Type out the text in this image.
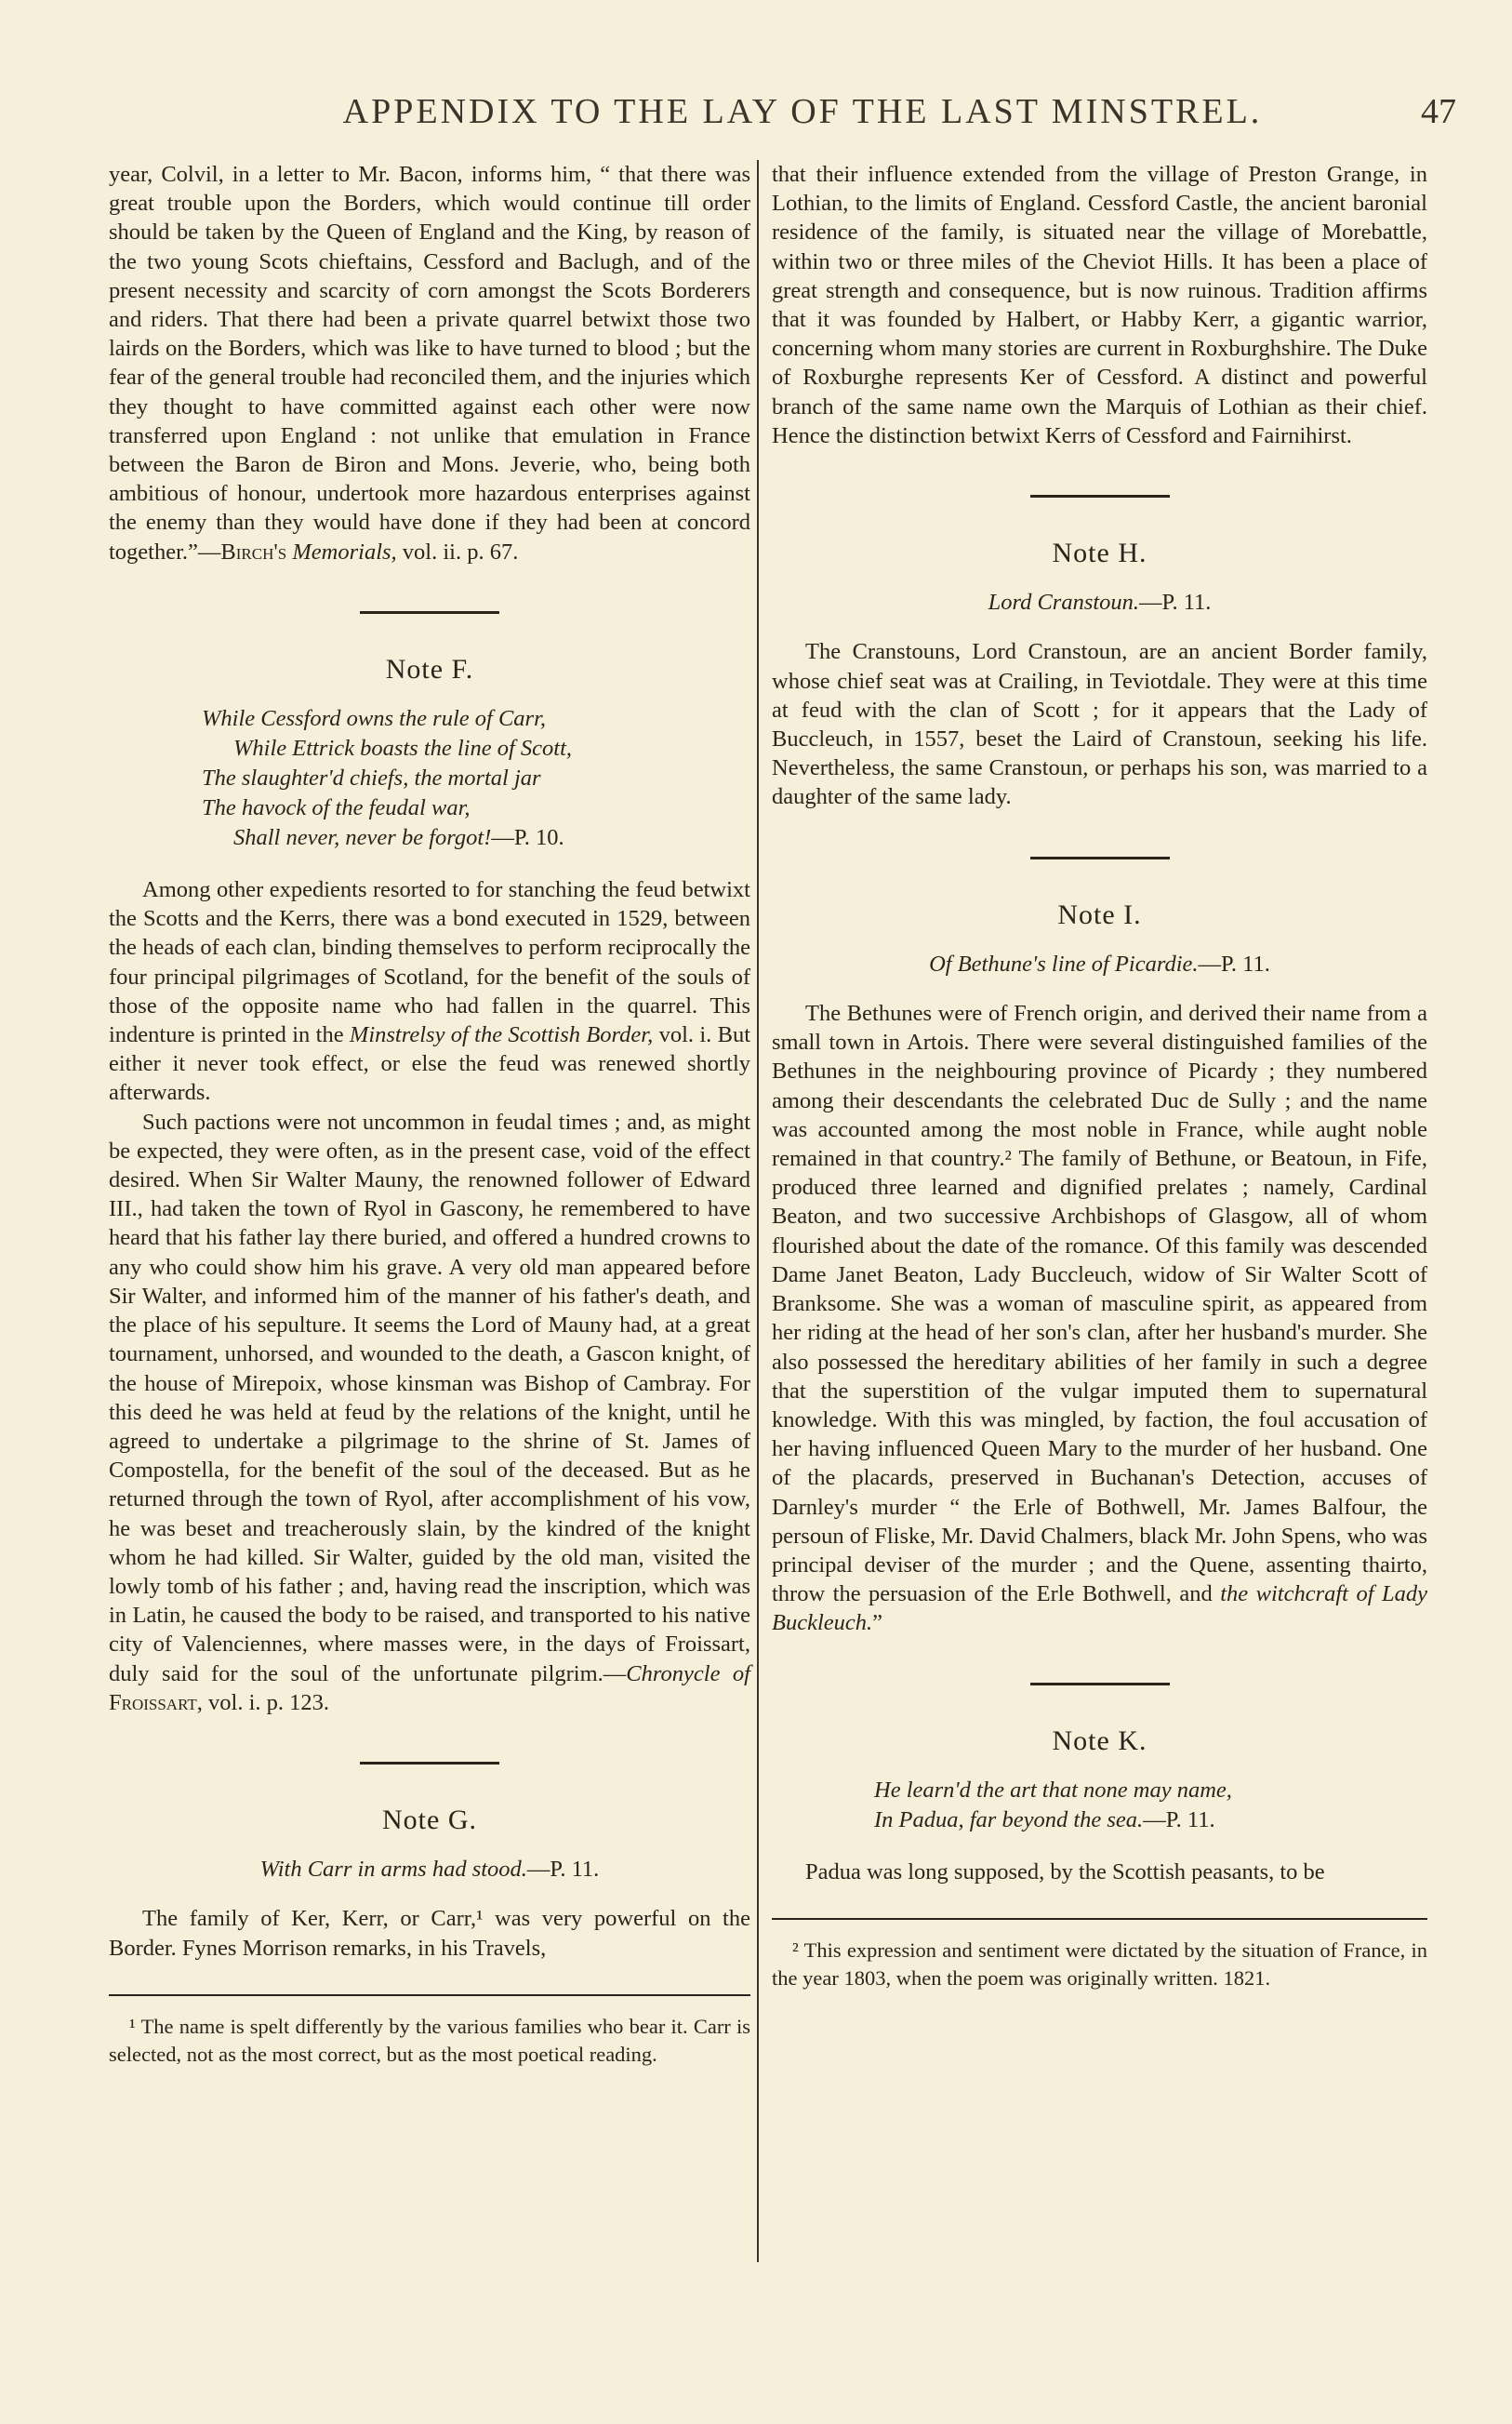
APPENDIX TO THE LAY OF THE LAST MINSTREL.	47

year, Colvil, in a letter to Mr. Bacon, informs him, “ that there was great trouble upon the Borders, which would continue till order should be taken by the Queen of England and the King, by reason of the two young Scots chieftains, Cessford and Baclugh, and of the present necessity and scarcity of corn amongst the Scots Borderers and riders. That there had been a private quarrel betwixt those two lairds on the Borders, which was like to have turned to blood ; but the fear of the general trouble had reconciled them, and the injuries which they thought to have committed against each other were now transferred upon England : not unlike that emulation in France between the Baron de Biron and Mons. Jeverie, who, being both ambitious of honour, undertook more hazardous enterprises against the enemy than they would have done if they had been at concord together.”—Birch's Memorials, vol. ii. p. 67.

Note F.
While Cessford owns the rule of Carr,
While Ettrick boasts the line of Scott,
The slaughter'd chiefs, the mortal jar
The havock of the feudal war,
Shall never, never be forgot!—P. 10.

Among other expedients resorted to for stanching the feud betwixt the Scotts and the Kerrs, there was a bond executed in 1529, between the heads of each clan, binding themselves to perform reciprocally the four principal pilgrimages of Scotland, for the benefit of the souls of those of the opposite name who had fallen in the quarrel. This indenture is printed in the Minstrelsy of the Scottish Border, vol. i. But either it never took effect, or else the feud was renewed shortly afterwards.

Such pactions were not uncommon in feudal times ; and, as might be expected, they were often, as in the present case, void of the effect desired. When Sir Walter Mauny, the renowned follower of Edward III., had taken the town of Ryol in Gascony, he remembered to have heard that his father lay there buried, and offered a hundred crowns to any who could show him his grave. A very old man appeared before Sir Walter, and informed him of the manner of his father's death, and the place of his sepulture. It seems the Lord of Mauny had, at a great tournament, unhorsed, and wounded to the death, a Gascon knight, of the house of Mirepoix, whose kinsman was Bishop of Cambray. For this deed he was held at feud by the relations of the knight, until he agreed to undertake a pilgrimage to the shrine of St. James of Compostella, for the benefit of the soul of the deceased. But as he returned through the town of Ryol, after accomplishment of his vow, he was beset and treacherously slain, by the kindred of the knight whom he had killed. Sir Walter, guided by the old man, visited the lowly tomb of his father ; and, having read the inscription, which was in Latin, he caused the body to be raised, and transported to his native city of Valenciennes, where masses were, in the days of Froissart, duly said for the soul of the unfortunate pilgrim.—Chronycle of Froissart, vol. i. p. 123.

Note G.
With Carr in arms had stood.—P. 11.

The family of Ker, Kerr, or Carr,¹ was very powerful on the Border. Fynes Morrison remarks, in his Travels,

¹ The name is spelt differently by the various families who bear it. Carr is selected, not as the most correct, but as the most poetical reading.

that their influence extended from the village of Preston Grange, in Lothian, to the limits of England. Cessford Castle, the ancient baronial residence of the family, is situated near the village of Morebattle, within two or three miles of the Cheviot Hills. It has been a place of great strength and consequence, but is now ruinous. Tradition affirms that it was founded by Halbert, or Habby Kerr, a gigantic warrior, concerning whom many stories are current in Roxburghshire. The Duke of Roxburghe represents Ker of Cessford. A distinct and powerful branch of the same name own the Marquis of Lothian as their chief. Hence the distinction betwixt Kerrs of Cessford and Fairnihirst.

Note H.
Lord Cranstoun.—P. 11.

The Cranstouns, Lord Cranstoun, are an ancient Border family, whose chief seat was at Crailing, in Teviotdale. They were at this time at feud with the clan of Scott ; for it appears that the Lady of Buccleuch, in 1557, beset the Laird of Cranstoun, seeking his life. Nevertheless, the same Cranstoun, or perhaps his son, was married to a daughter of the same lady.

Note I.
Of Bethune's line of Picardie.—P. 11.

The Bethunes were of French origin, and derived their name from a small town in Artois. There were several distinguished families of the Bethunes in the neighbouring province of Picardy ; they numbered among their descendants the celebrated Duc de Sully ; and the name was accounted among the most noble in France, while aught noble remained in that country.² The family of Bethune, or Beatoun, in Fife, produced three learned and dignified prelates ; namely, Cardinal Beaton, and two successive Archbishops of Glasgow, all of whom flourished about the date of the romance. Of this family was descended Dame Janet Beaton, Lady Buccleuch, widow of Sir Walter Scott of Branksome. She was a woman of masculine spirit, as appeared from her riding at the head of her son's clan, after her husband's murder. She also possessed the hereditary abilities of her family in such a degree that the superstition of the vulgar imputed them to supernatural knowledge. With this was mingled, by faction, the foul accusation of her having influenced Queen Mary to the murder of her husband. One of the placards, preserved in Buchanan's Detection, accuses of Darnley's murder “ the Erle of Bothwell, Mr. James Balfour, the persoun of Fliske, Mr. David Chalmers, black Mr. John Spens, who was principal deviser of the murder ; and the Quene, assenting thairto, throw the persuasion of the Erle Bothwell, and the witchcraft of Lady Buckleuch.”

Note K.
He learn'd the art that none may name,
In Padua, far beyond the sea.—P. 11.

Padua was long supposed, by the Scottish peasants, to be

² This expression and sentiment were dictated by the situation of France, in the year 1803, when the poem was originally written. 1821.
